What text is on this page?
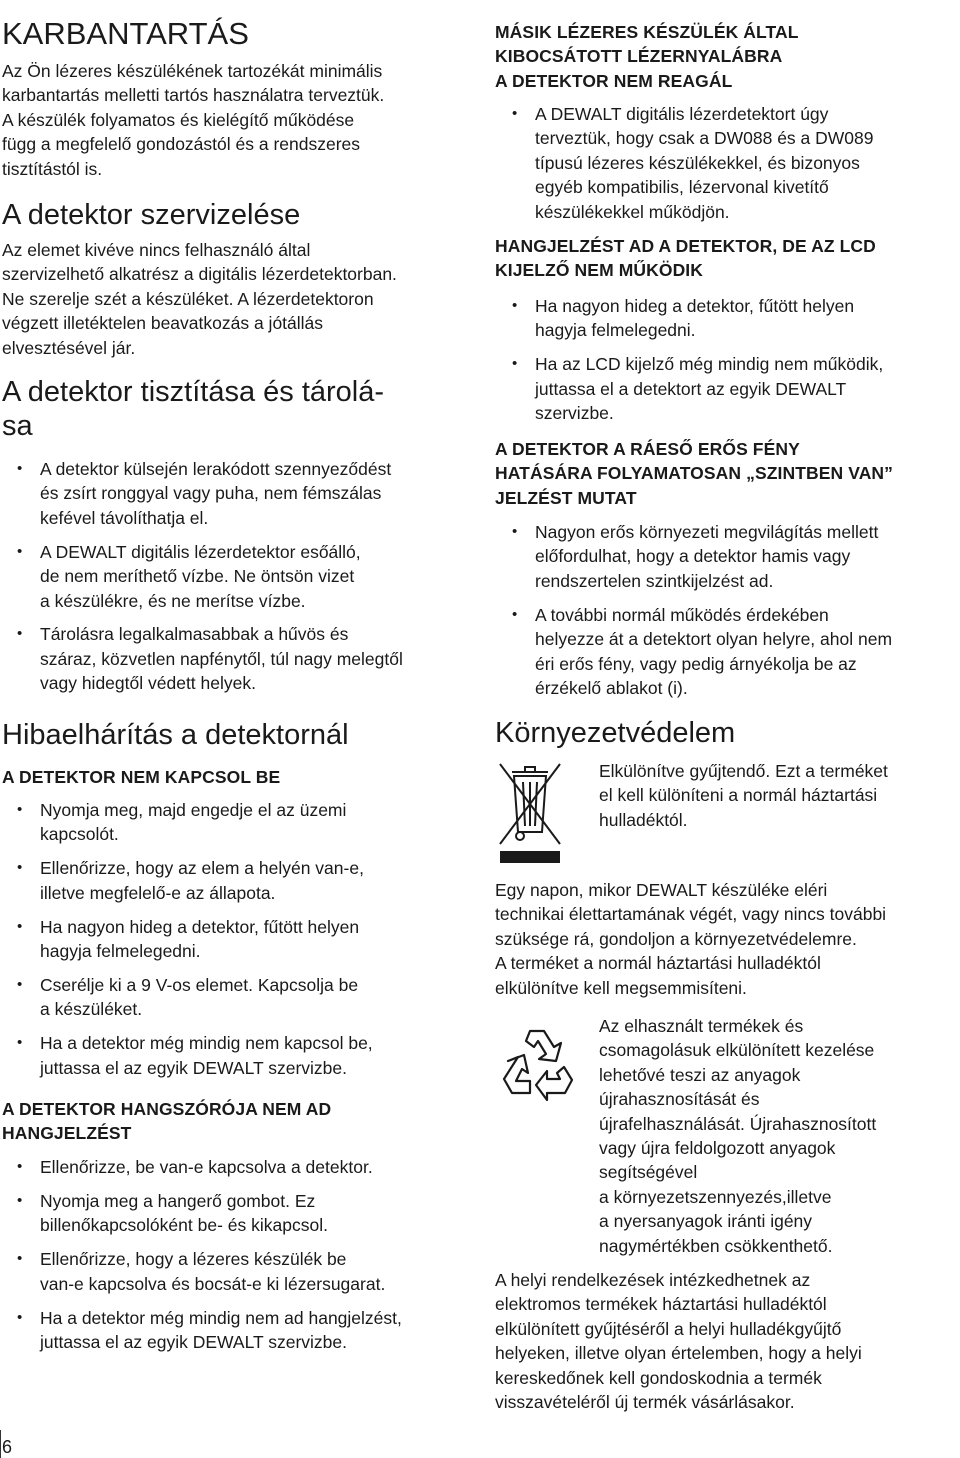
KARBANTARTÁS

Az Ön lézeres készülékének tartozékát minimális
karbantartás melletti tartós használatra terveztük.
A készülék folyamatos és kielégítő működése
függ a megfelelő gondozástól és a rendszeres
tisztítástól is.

A detektor szervizelése

Az elemet kivéve nincs felhasználó által
szervizelhető alkatrész a digitális lézerdetektorban.
Ne szerelje szét a készüléket. A lézerdetektoron
végzett illetéktelen beavatkozás a jótállás
elvesztésével jár.

A detektor tisztítása és tárolá-
sa
• A detektor külsején lerakódott szennyeződést
és zsírt ronggyal vagy puha, nem fémszálas
kefével távolíthatja el.
• A DEWALT digitális lézerdetektor esőálló,
de nem meríthető vízbe. Ne öntsön vizet
a készülékre, és ne merítse vízbe.
• Tárolásra legalkalmasabbak a hűvös és
száraz, közvetlen napfénytől, túl nagy melegtől
vagy hidegtől védett helyek.
Hibaelhárítás a detektornál

A DETEKTOR NEM KAPCSOL BE

• Nyomja meg, majd engedje el az üzemi
kapcsolót.
• Ellenőrizze, hogy az elem a helyén van-e,
illetve megfelelő-e az állapota.
• Ha nagyon hideg a detektor, fűtött helyen
hagyja felmelegedni.
• Cserélje ki a 9 V-os elemet. Kapcsolja be
a készüléket.
• Ha a detektor még mindig nem kapcsol be,
juttassa el az egyik DEWALT szervizbe.

A DETEKTOR HANGSZÓRÓJA NEM AD
HANGJELZÉST

• Ellenőrizze, be van-e kapcsolva a detektor.
• Nyomja meg a hangerő gombot. Ez
billenőkapcsolóként be- és kikapcsol.
• Ellenőrizze, hogy a lézeres készülék be
van-e kapcsolva és bocsát-e ki lézersugarat.
• Ha a detektor még mindig nem ad hangjelzést,
juttassa el az egyik DEWALT szervizbe.

MÁSIK LÉZERES KÉSZÜLÉK ÁLTAL
KIBOCSÁTOTT LÉZERNYALÁBRA
A DETEKTOR NEM REAGÁL

• A DEWALT digitális lézerdetektort úgy
terveztük, hogy csak a DW088 és a DW089
típusú lézeres készülékekkel, és bizonyos
egyéb kompatibilis, lézervonal kivetítő
készülékekkel működjön.

HANGJELZÉST AD A DETEKTOR, DE AZ LCD
KIJELZŐ NEM MŰKÖDIK

• Ha nagyon hideg a detektor, fűtött helyen
hagyja felmelegedni.
• Ha az LCD kijelző még mindig nem működik,
juttassa el a detektort az egyik DEWALT
szervizbe.

A DETEKTOR A RÁESŐ ERŐS FÉNY
HATÁSÁRA FOLYAMATOSAN „SZINTBEN VAN”
JELZÉST MUTAT

• Nagyon erős környezeti megvilágítás mellett
előfordulhat, hogy a detektor hamis vagy
rendszertelen szintkijelzést ad.
• A további normál működés érdekében
helyezze át a detektort olyan helyre, ahol nem
éri erős fény, vagy pedig árnyékolja be az
érzékelő ablakot (i).
Környezetvédelem

Elkülönítve gyűjtendő. Ezt a terméket
el kell különíteni a normál háztartási
hulladéktól.

Egy napon, mikor DEWALT készüléke eléri
technikai élettartamának végét, vagy nincs további
szüksége rá, gondoljon a környezetvédelemre.
A terméket a normál háztartási hulladéktól
elkülönítve kell megsemmisíteni.

Az elhasznált termékek és
csomagolásuk elkülönített kezelése
lehetővé teszi az anyagok
újrahasznosítását és
újrafelhasználását. Újrahasznosított
vagy újra feldolgozott anyagok
segítségével
a környezetszennyezés,illetve
a nyersanyagok iránti igény
nagymértékben csökkenthető.

A helyi rendelkezések intézkedhetnek az
elektromos termékek háztartási hulladéktól
elkülönített gyűjtéséről a helyi hulladékgyűjtő
helyeken, illetve olyan értelemben, hogy a helyi
kereskedőnek kell gondoskodnia a termék
visszavételéről új termék vásárlásakor.

6
